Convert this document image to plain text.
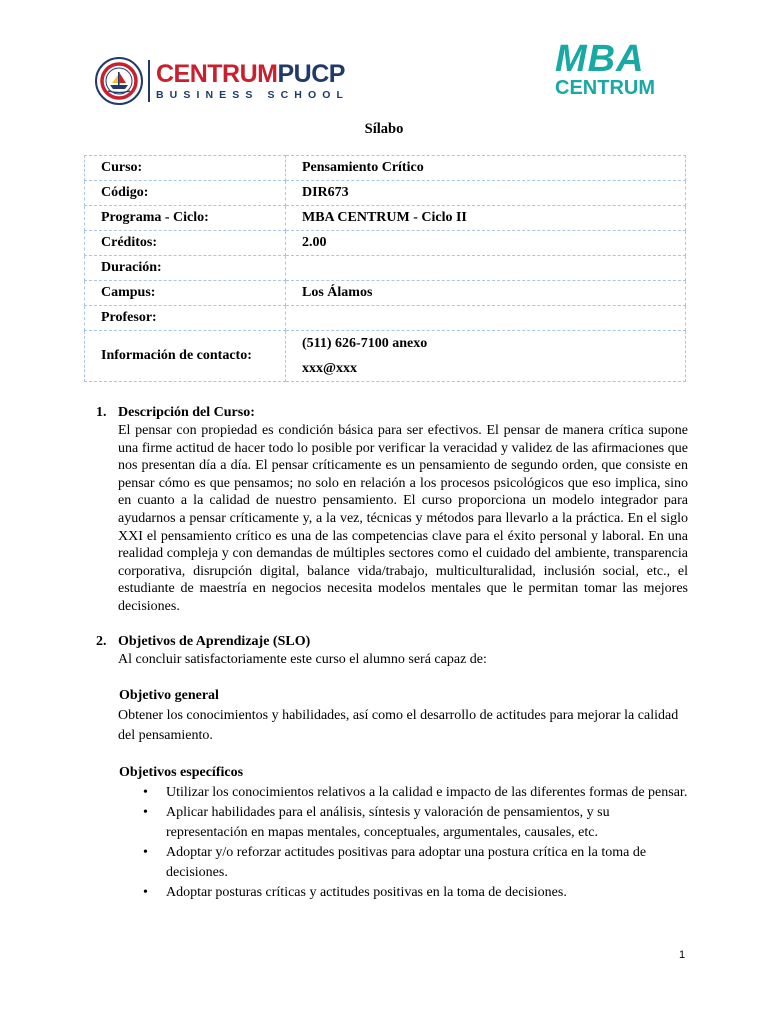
CENTRUMPUCP
BUSINESS SCHOOL
MBA
CENTRUM
Sílabo
Curso:	Pensamiento Crítico
Código:	DIR673
Programa - Ciclo:	MBA CENTRUM - Ciclo II
Créditos:	2.00
Duración:	
Campus:	Los Álamos
Profesor:	
Información de contacto:	(511) 626-7100 anexo
xxx@xxx

1. Descripción del Curso:

El pensar con propiedad es condición básica para ser efectivos. El pensar de manera crítica supone una firme actitud de hacer todo lo posible por verificar la veracidad y validez de las afirmaciones que nos presentan día a día. El pensar críticamente es un pensamiento de segundo orden, que consiste en pensar cómo es que pensamos; no solo en relación a los procesos psicológicos que eso implica, sino en cuanto a la calidad de nuestro pensamiento. El curso proporciona un modelo integrador para ayudarnos a pensar críticamente y, a la vez, técnicas y métodos para llevarlo a la práctica. En el siglo XXI el pensamiento crítico es una de las competencias clave para el éxito personal y laboral. En una realidad compleja y con demandas de múltiples sectores como el cuidado del ambiente, transparencia corporativa, disrupción digital, balance vida/trabajo, multiculturalidad, inclusión social, etc., el estudiante de maestría en negocios necesita modelos mentales que le permitan tomar las mejores decisiones.

2. Objetivos de Aprendizaje (SLO)

Al concluir satisfactoriamente este curso el alumno será capaz de:

Objetivo general

Obtener los conocimientos y habilidades, así como el desarrollo de actitudes para mejorar la calidad del pensamiento.

Objetivos específicos

• Utilizar los conocimientos relativos a la calidad e impacto de las diferentes formas de pensar.
• Aplicar habilidades para el análisis, síntesis y valoración de pensamientos, y su representación en mapas mentales, conceptuales, argumentales, causales, etc.
• Adoptar y/o reforzar actitudes positivas para adoptar una postura crítica en la toma de decisiones.
• Adoptar posturas críticas y actitudes positivas en la toma de decisiones.
1
